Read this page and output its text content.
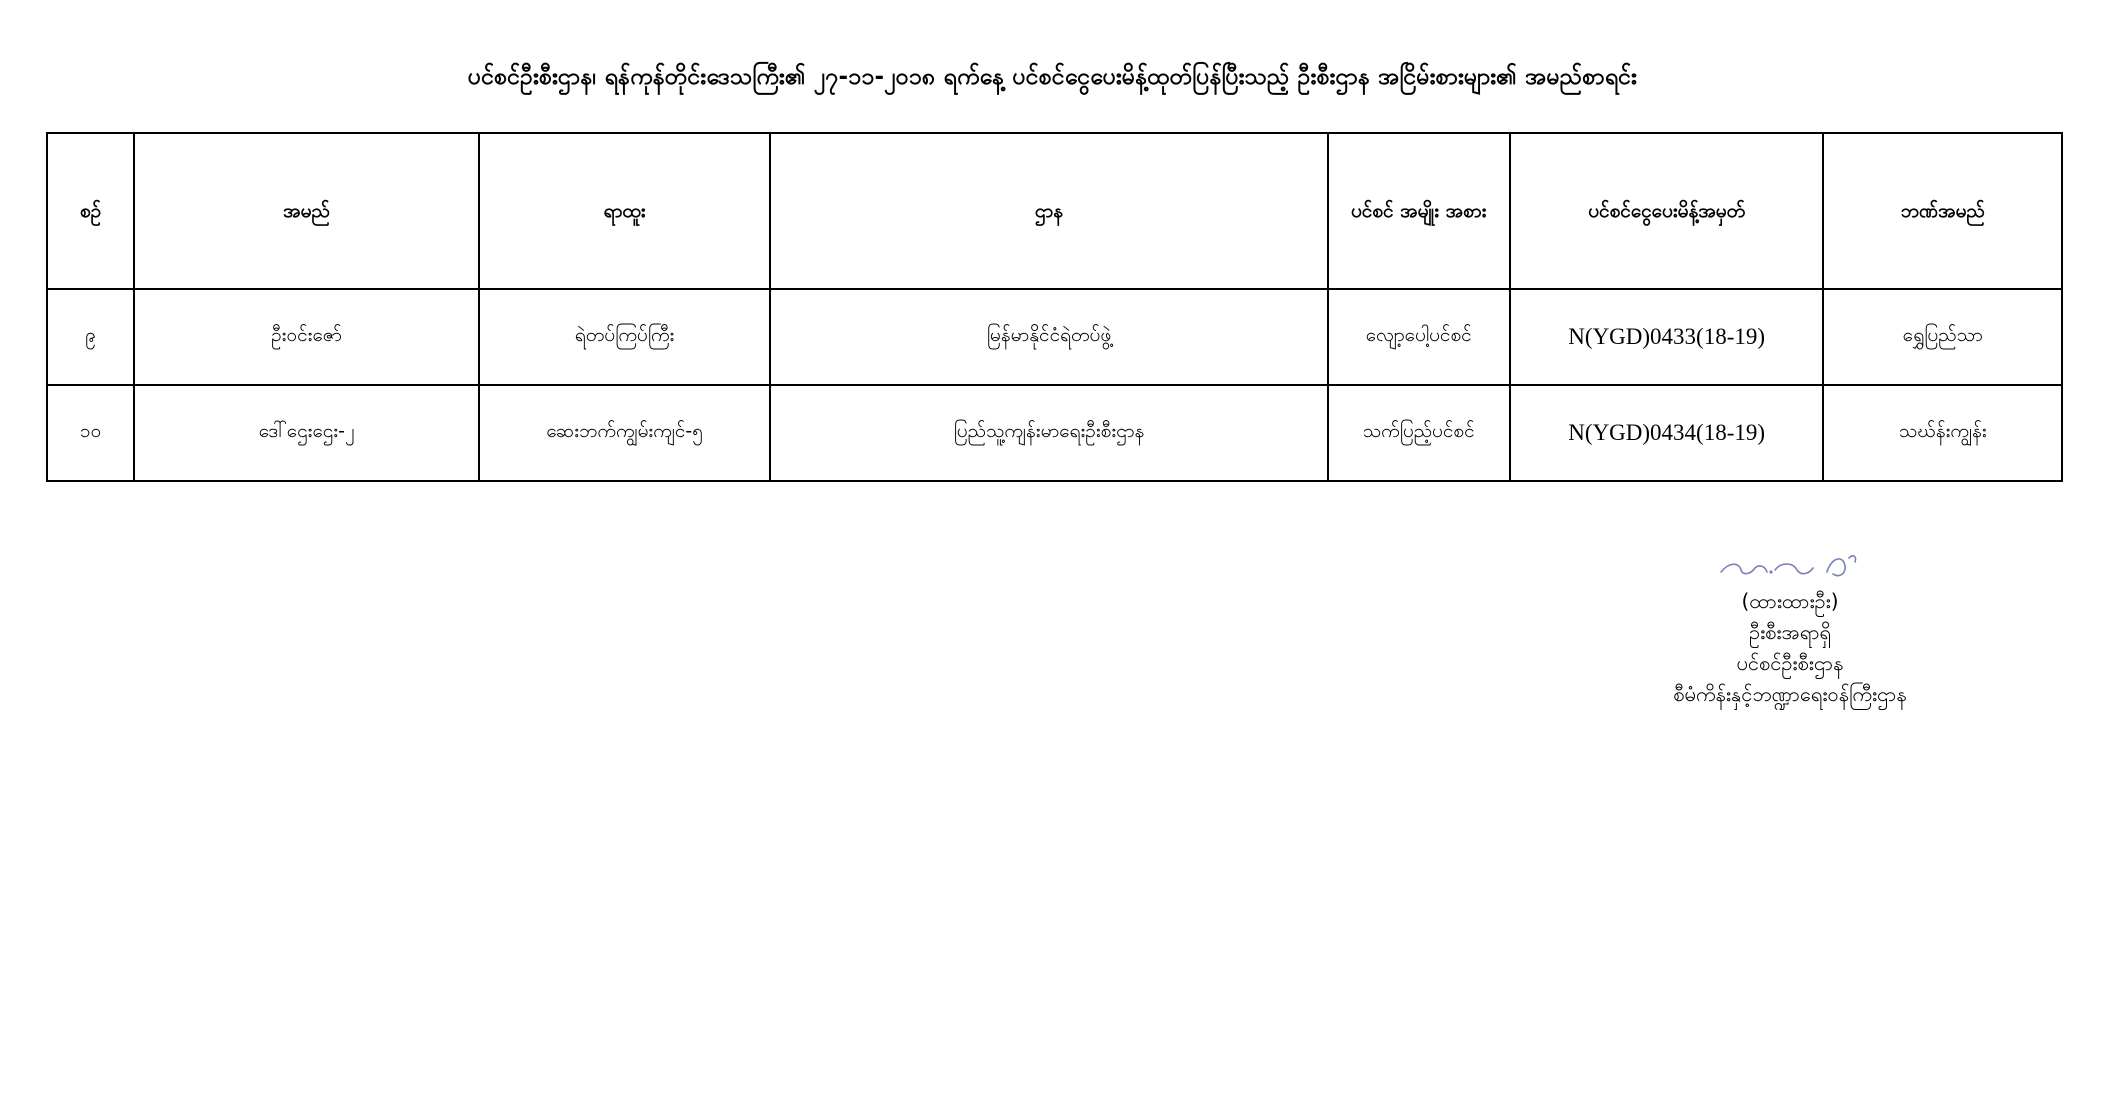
ပင်စင်ဦးစီးဌာန၊ ရန်ကုန်တိုင်းဒေသကြီး၏ ၂၇-၁၁-၂၀၁၈ ရက်နေ့ ပင်စင်ငွေပေးမိန့်ထုတ်ပြန်ပြီးသည့် ဦးစီးဌာန အငြိမ်းစားများ၏ အမည်စာရင်း
စဉ်	အမည်	ရာထူး	ဌာန	ပင်စင် အမျိုး အစား	ပင်စင်ငွေပေးမိန့်အမှတ်	ဘဏ်အမည်
၉	ဦးဝင်းဇော်	ရဲတပ်ကြပ်ကြီး	မြန်မာနိုင်ငံရဲတပ်ဖွဲ့	လျော့ပေါ့ပင်စင်	N(YGD)0433(18-19)	ရွှေပြည်သာ
၁၀	ဒေါ်ဌေးဌေး-၂	ဆေးဘက်ကျွမ်းကျင်-၅	ပြည်သူ့ကျန်းမာရေးဦးစီးဌာန	သက်ပြည့်ပင်စင်	N(YGD)0434(18-19)	သဃ်န်းကျွန်း
(ထားထားဦး)
ဦးစီးအရာရှိ
ပင်စင်ဦးစီးဌာန
စီမံကိန်းနှင့်ဘဏ္ဍာရေးဝန်ကြီးဌာန
